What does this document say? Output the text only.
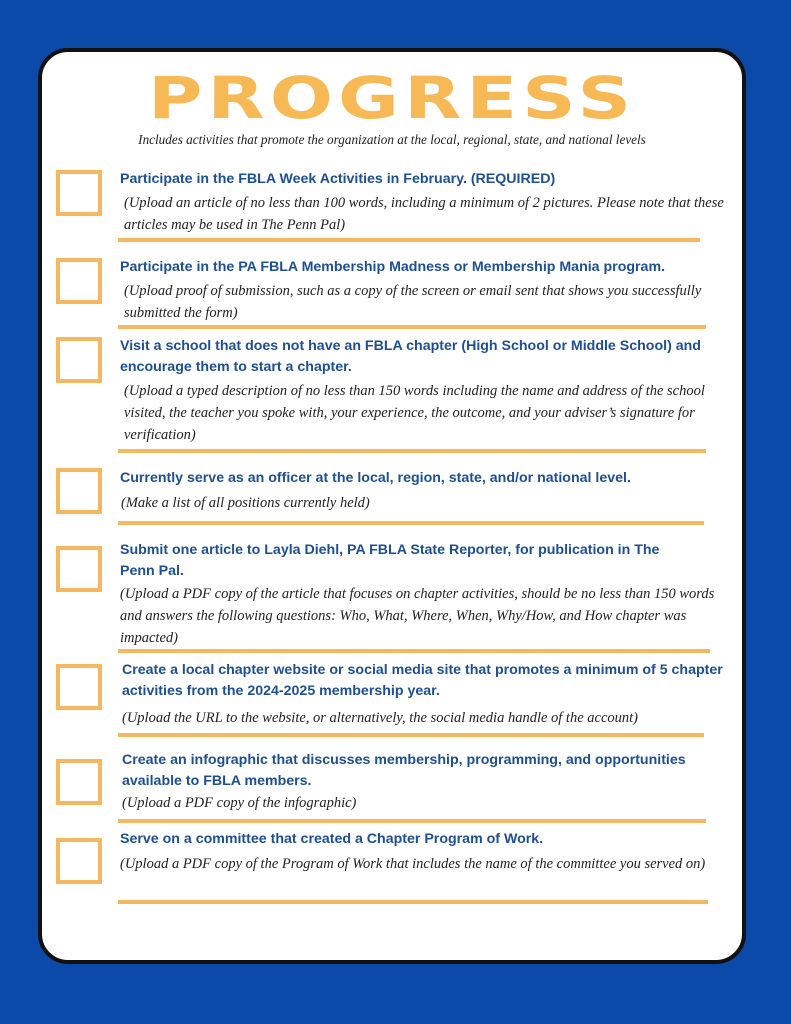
PROGRESS
Includes activities that promote the organization at the local, regional, state, and national levels
Participate in the FBLA Week Activities in February. (REQUIRED)
(Upload an article of no less than 100 words, including a minimum of 2 pictures. Please note that these articles may be used in The Penn Pal)
Participate in the PA FBLA Membership Madness or Membership Mania program.
(Upload proof of submission, such as a copy of the screen or email sent that shows you successfully submitted the form)
Visit a school that does not have an FBLA chapter (High School or Middle School) and encourage them to start a chapter.
(Upload a typed description of no less than 150 words including the name and address of the school visited, the teacher you spoke with, your experience, the outcome, and your adviser’s signature for verification)
Currently serve as an officer at the local, region, state, and/or national level.
(Make a list of all positions currently held)
Submit one article to Layla Diehl, PA FBLA State Reporter, for publication in The Penn Pal.
(Upload a PDF copy of the article that focuses on chapter activities, should be no less than 150 words and answers the following questions: Who, What, Where, When, Why/How, and How chapter was impacted)
Create a local chapter website or social media site that promotes a minimum of 5 chapter activities from the 2024-2025 membership year.
(Upload the URL to the website, or alternatively, the social media handle of the account)
Create an infographic that discusses membership, programming, and opportunities available to FBLA members.
(Upload a PDF copy of the infographic)
Serve on a committee that created a Chapter Program of Work.
(Upload a PDF copy of the Program of Work that includes the name of the committee you served on)
